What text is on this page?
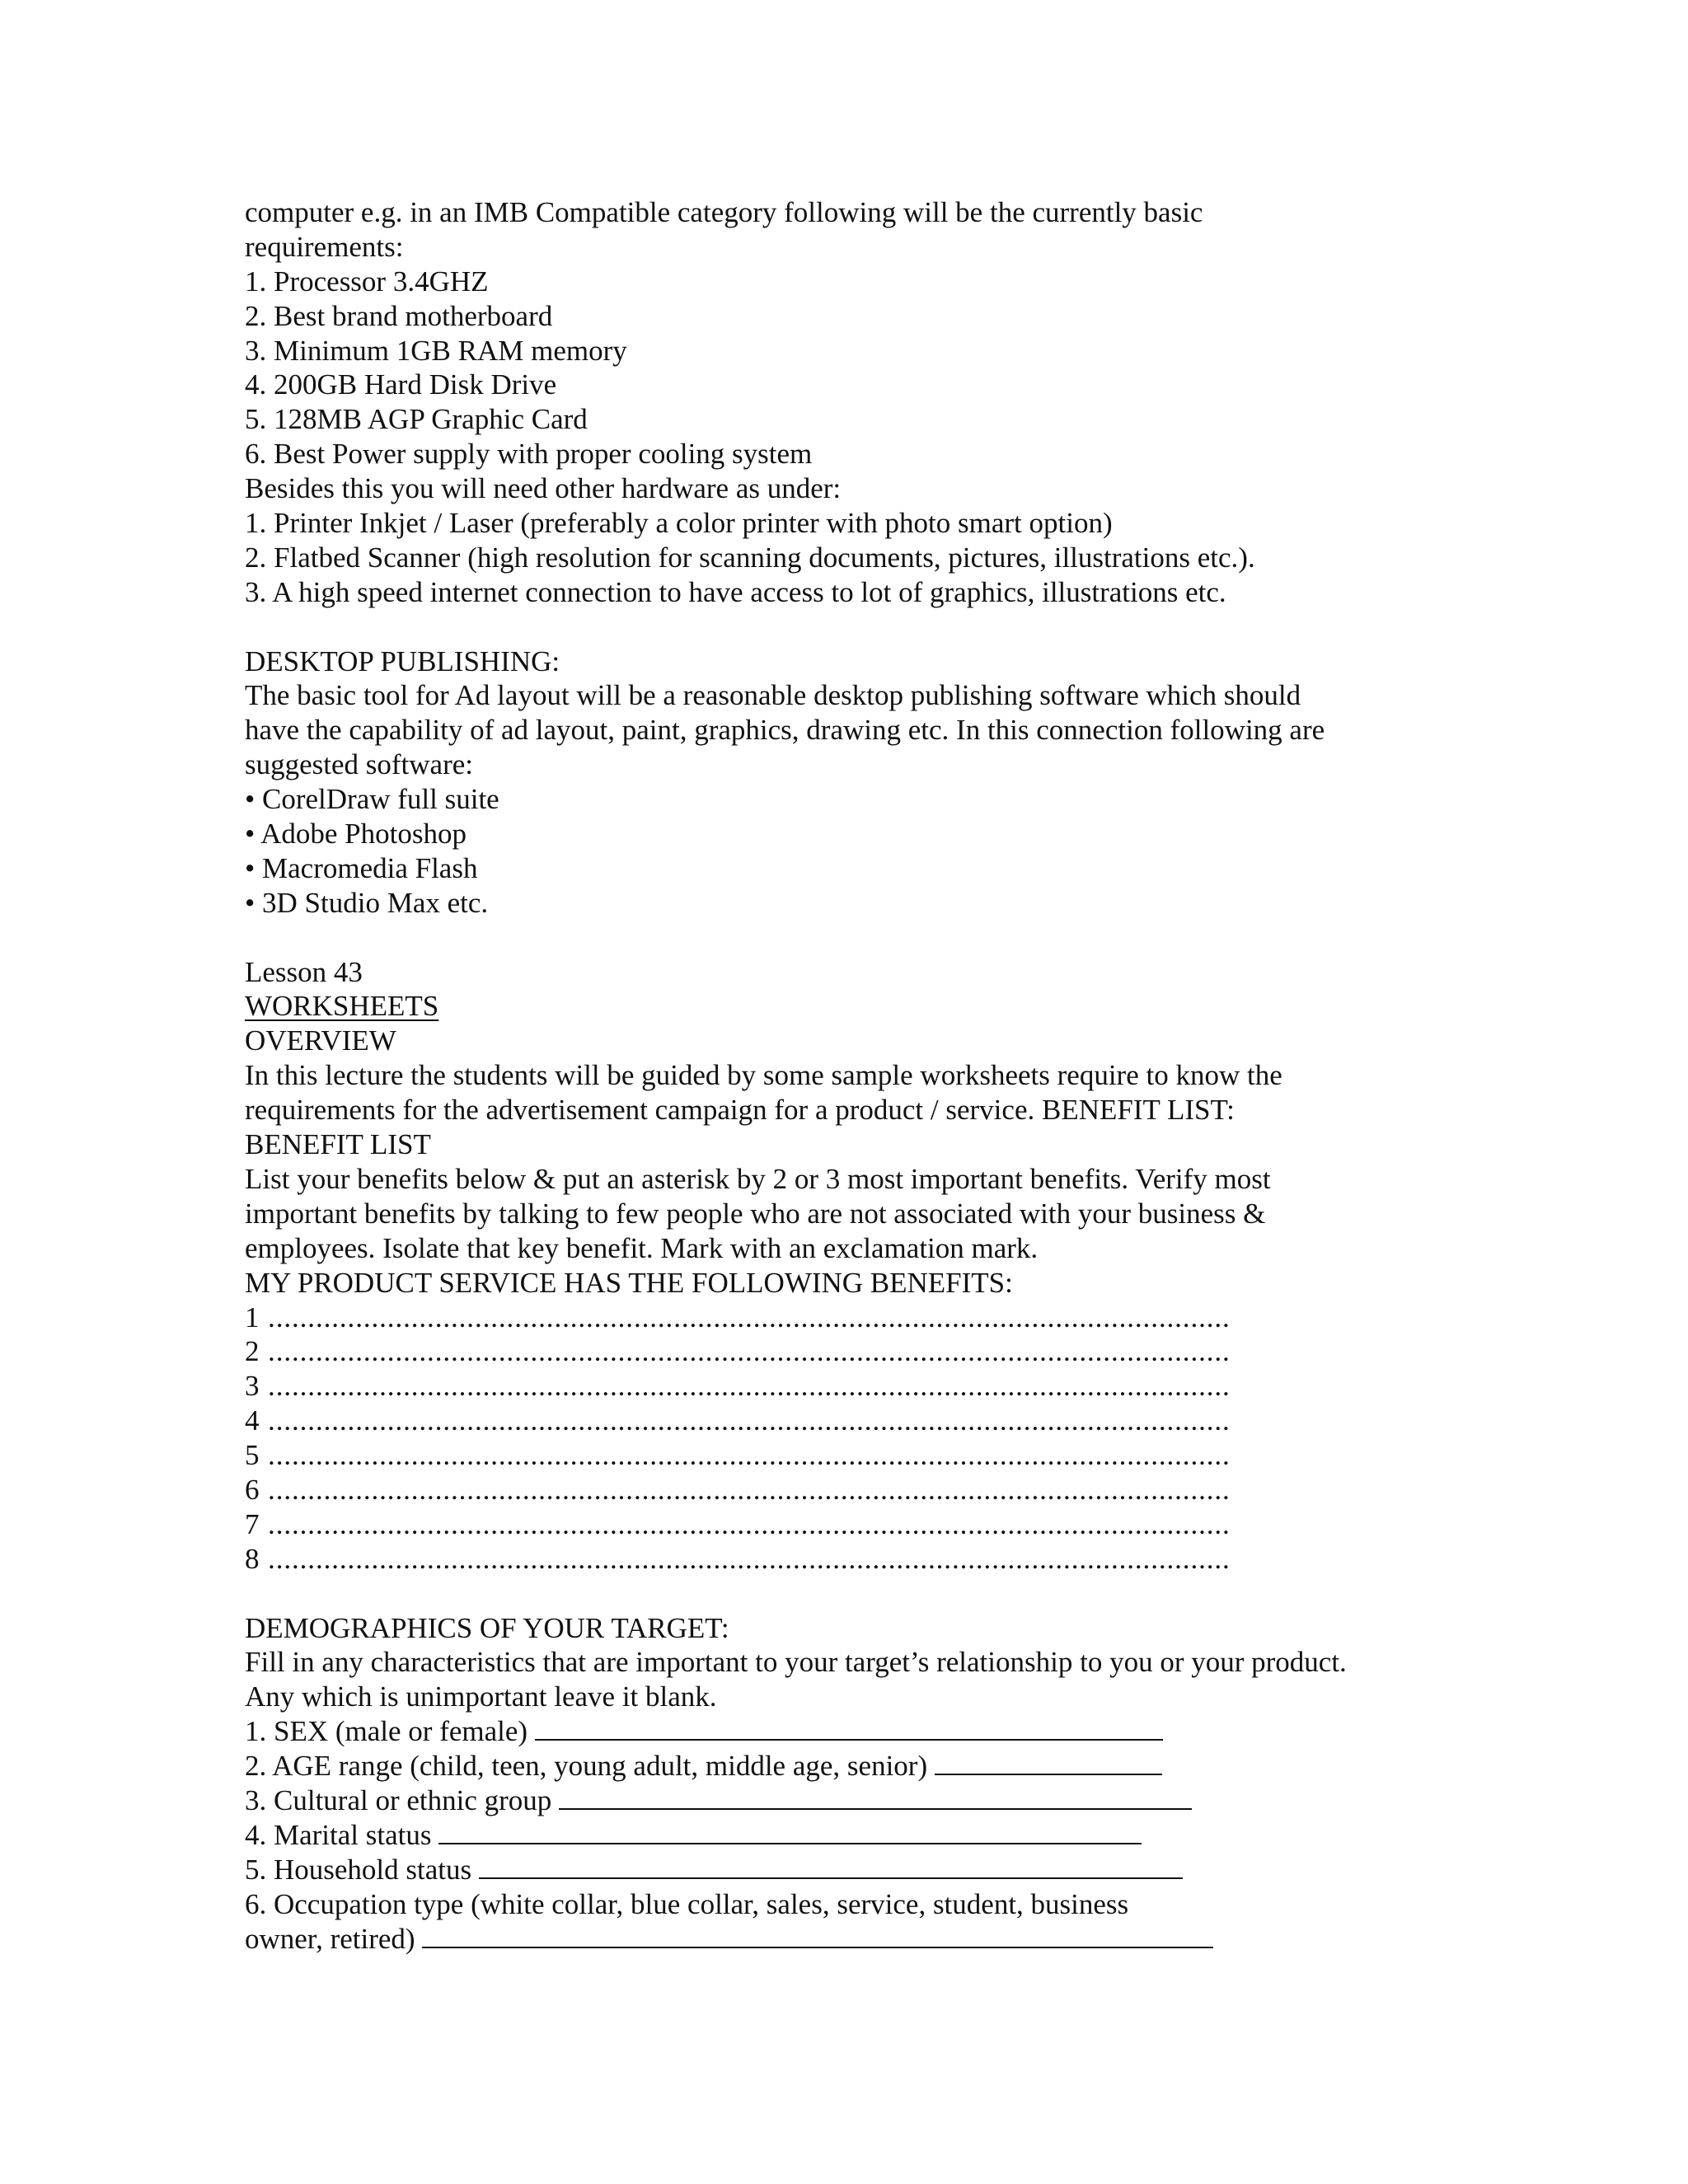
computer e.g. in an IMB Compatible category following will be the currently basic
requirements:
1. Processor 3.4GHZ
2. Best brand motherboard
3. Minimum 1GB RAM memory
4. 200GB Hard Disk Drive
5. 128MB AGP Graphic Card
6. Best Power supply with proper cooling system
Besides this you will need other hardware as under:
1. Printer Inkjet / Laser (preferably a color printer with photo smart option)
2. Flatbed Scanner (high resolution for scanning documents, pictures, illustrations etc.).
3. A high speed internet connection to have access to lot of graphics, illustrations etc.
DESKTOP PUBLISHING:
The basic tool for Ad layout will be a reasonable desktop publishing software which should
have the capability of ad layout, paint, graphics, drawing etc. In this connection following are
suggested software:
• CorelDraw full suite
• Adobe Photoshop
• Macromedia Flash
• 3D Studio Max etc.
Lesson 43
WORKSHEETS
OVERVIEW
In this lecture the students will be guided by some sample worksheets require to know the
requirements for the advertisement campaign for a product / service. BENEFIT LIST:
BENEFIT LIST
List your benefits below & put an asterisk by 2 or 3 most important benefits. Verify most
important benefits by talking to few people who are not associated with your business &
employees. Isolate that key benefit. Mark with an exclamation mark.
MY PRODUCT SERVICE HAS THE FOLLOWING BENEFITS:
1 .........................................................................................................................
2 .........................................................................................................................
3 .........................................................................................................................
4 .........................................................................................................................
5 .........................................................................................................................
6 .........................................................................................................................
7 .........................................................................................................................
8 .........................................................................................................................
DEMOGRAPHICS OF YOUR TARGET:
Fill in any characteristics that are important to your target’s relationship to you or your product.
Any which is unimportant leave it blank.
1. SEX (male or female)
2. AGE range (child, teen, young adult, middle age, senior)
3. Cultural or ethnic group
4. Marital status
5. Household status
6. Occupation type (white collar, blue collar, sales, service, student, business
owner, retired)
